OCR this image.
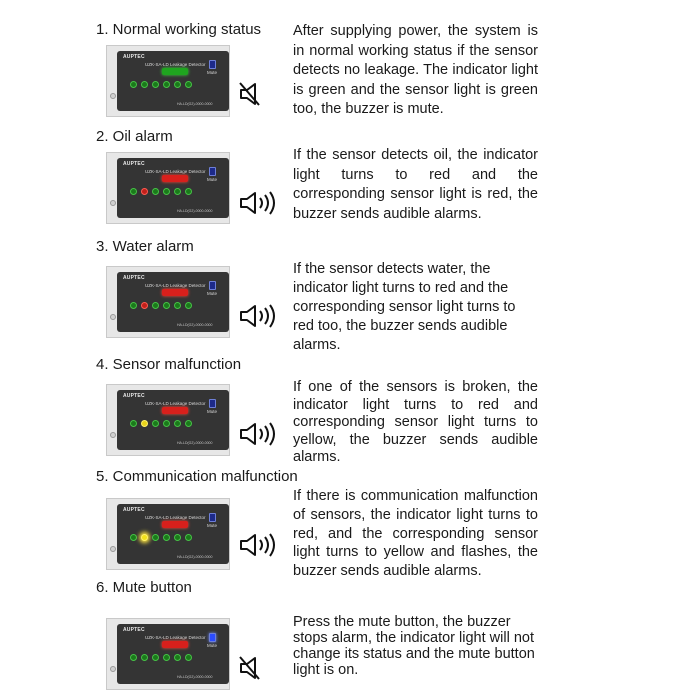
1. Normal working status
AUPTEC
UZK-SA-LD Leakage Detector
Mute
HA-LD(G2)-0000-0000
After supplying power, the system is in normal working status if the sensor detects no leakage. The indicator light is green and the sensor light is green too, the buzzer is mute.
2. Oil alarm
AUPTEC
UZK-SA-LD Leakage Detector
Mute
HA-LD(G2)-0000-0000
If the sensor detects oil, the indicator light turns to red and the corresponding sensor light is red, the buzzer sends audible alarms.
3. Water alarm
AUPTEC
UZK-SA-LD Leakage Detector
Mute
HA-LD(G2)-0000-0000
If the sensor detects water, the indicator light turns to red and the corresponding sensor light turns to red too, the buzzer sends audible alarms.
4. Sensor malfunction
AUPTEC
UZK-SA-LD Leakage Detector
Mute
HA-LD(G2)-0000-0000
If one of the sensors is broken, the indicator light turns to red and corresponding sensor light turns to yellow, the buzzer sends audible alarms.
5. Communication malfunction
AUPTEC
UZK-SA-LD Leakage Detector
Mute
HA-LD(G2)-0000-0000
If there is communication malfunction of sensors, the indicator light turns to red, and the corresponding sensor light turns to yellow and flashes, the buzzer sends audible alarms.
6. Mute button
AUPTEC
UZK-SA-LD Leakage Detector
Mute
HA-LD(G2)-0000-0000
Press the mute button, the buzzer stops alarm, the indicator light will not change its status and the mute button light is on.
